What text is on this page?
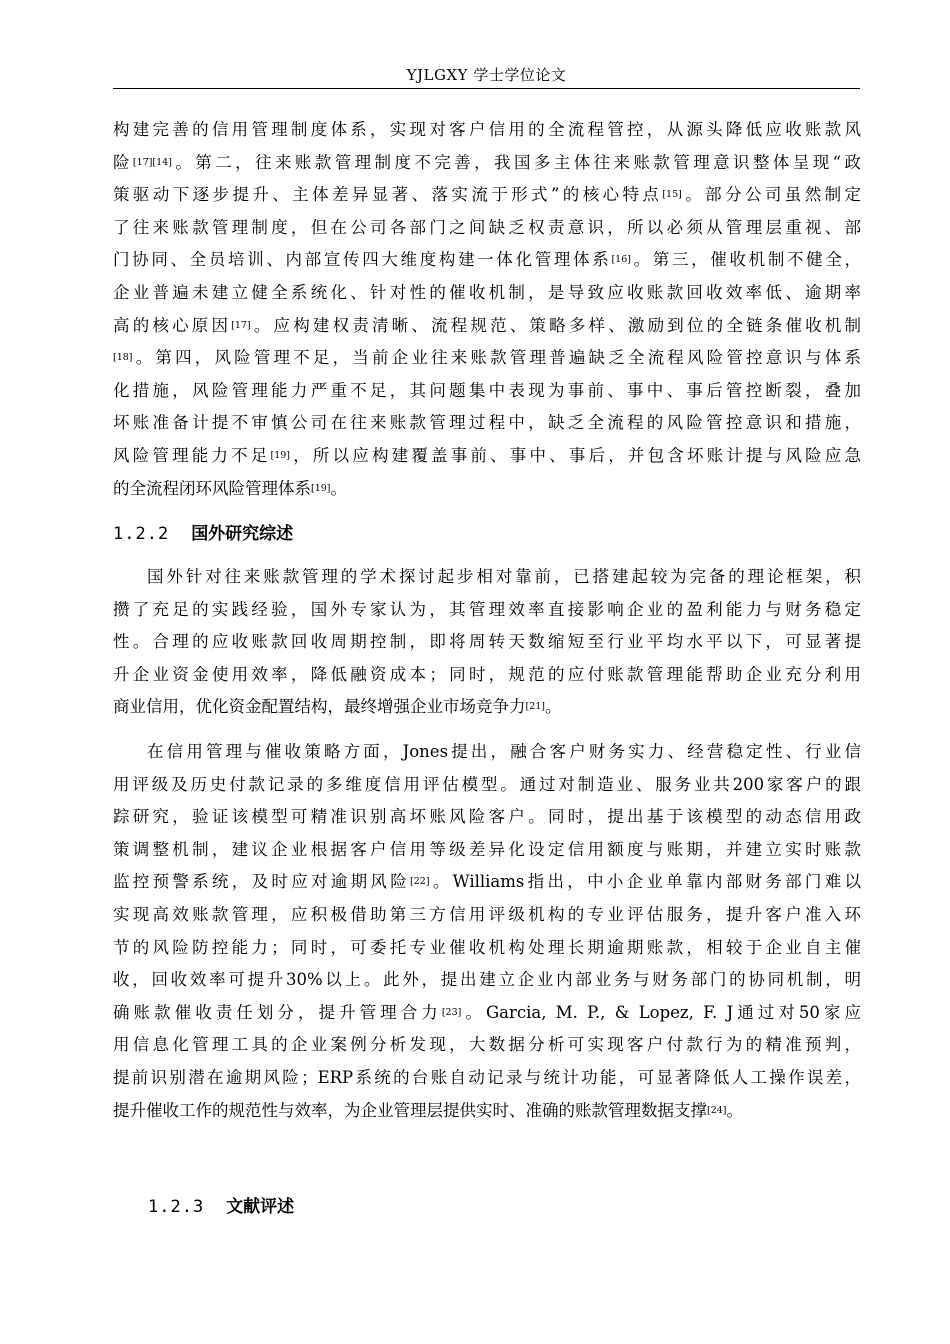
YJLGXY 学士学位论文
构建完善的信用管理制度体系，实现对客户信用的全流程管控，从源头降低应收账款风
险[17][14]。第二，往来账款管理制度不完善，我国多主体往来账款管理意识整体呈现“政
策驱动下逐步提升、主体差异显著、落实流于形式”的核心特点[15]。部分公司虽然制定
了往来账款管理制度，但在公司各部门之间缺乏权责意识，所以必须从管理层重视、部
门协同、全员培训、内部宣传四大维度构建一体化管理体系[16]。第三，催收机制不健全，
企业普遍未建立健全系统化、针对性的催收机制，是导致应收账款回收效率低、逾期率
高的核心原因[17]。应构建权责清晰、流程规范、策略多样、激励到位的全链条催收机制
[18]。第四，风险管理不足，当前企业往来账款管理普遍缺乏全流程风险管控意识与体系
化措施，风险管理能力严重不足，其问题集中表现为事前、事中、事后管控断裂，叠加
坏账准备计提不审慎公司在往来账款管理过程中，缺乏全流程的风险管控意识和措施，
风险管理能力不足[19]，所以应构建覆盖事前、事中、事后，并包含坏账计提与风险应急
的全流程闭环风险管理体系[19]。
1.2.2 国外研究综述
国外针对往来账款管理的学术探讨起步相对靠前，已搭建起较为完备的理论框架，积
攒了充足的实践经验，国外专家认为，其管理效率直接影响企业的盈利能力与财务稳定
性。合理的应收账款回收周期控制，即将周转天数缩短至行业平均水平以下，可显著提
升企业资金使用效率，降低融资成本；同时，规范的应付账款管理能帮助企业充分利用
商业信用，优化资金配置结构，最终增强企业市场竞争力[21]。
在信用管理与催收策略方面，Jones提出，融合客户财务实力、经营稳定性、行业信
用评级及历史付款记录的多维度信用评估模型。通过对制造业、服务业共200家客户的跟
踪研究，验证该模型可精准识别高坏账风险客户。同时，提出基于该模型的动态信用政
策调整机制，建议企业根据客户信用等级差异化设定信用额度与账期，并建立实时账款
监控预警系统，及时应对逾期风险[22]。Williams指出，中小企业单靠内部财务部门难以
实现高效账款管理，应积极借助第三方信用评级机构的专业评估服务，提升客户准入环
节的风险防控能力；同时，可委托专业催收机构处理长期逾期账款，相较于企业自主催
收，回收效率可提升30%以上。此外，提出建立企业内部业务与财务部门的协同机制，明
确账款催收责任划分，提升管理合力[23]。Garcia, M. P., & Lopez, F. J通过对50家应
用信息化管理工具的企业案例分析发现，大数据分析可实现客户付款行为的精准预判，
提前识别潜在逾期风险；ERP系统的台账自动记录与统计功能，可显著降低人工操作误差，
提升催收工作的规范性与效率，为企业管理层提供实时、准确的账款管理数据支撑[24]。
1.2.3 文献评述
